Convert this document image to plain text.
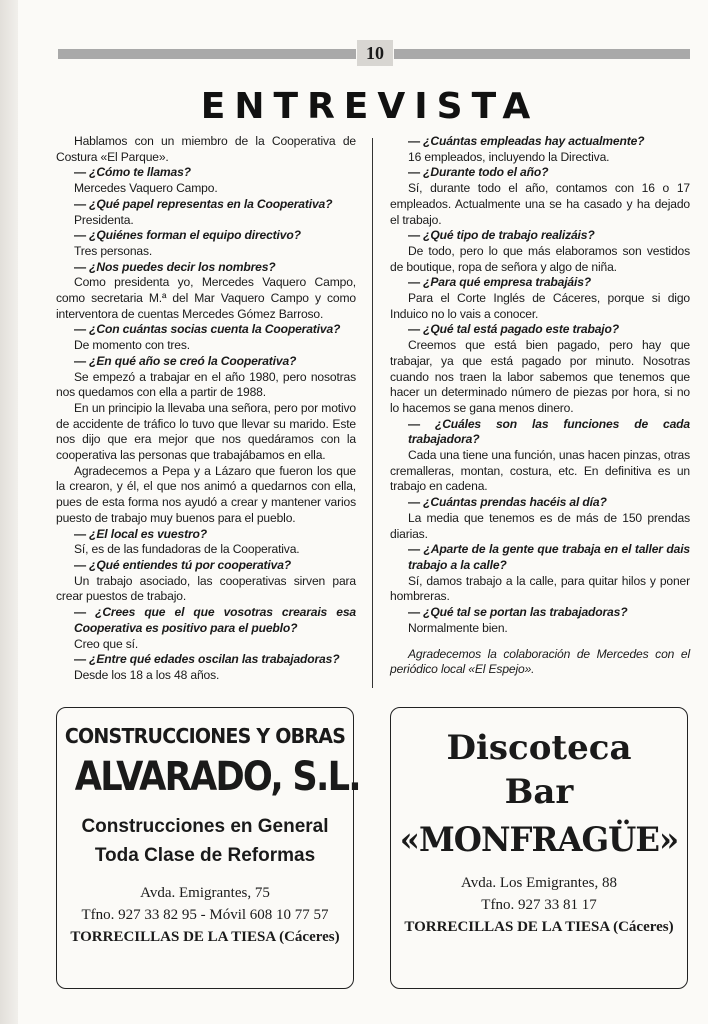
10
ENTREVISTA

Hablamos con un miembro de la Cooperativa de Costura «El Parque».

— ¿Cómo te llamas?

Mercedes Vaquero Campo.

— ¿Qué papel representas en la Cooperativa?

Presidenta.

— ¿Quiénes forman el equipo directivo?

Tres personas.

— ¿Nos puedes decir los nombres?

Como presidenta yo, Mercedes Vaquero Campo, como secretaria M.ª del Mar Vaquero Campo y como interventora de cuentas Mercedes Gómez Barroso.

— ¿Con cuántas socias cuenta la Cooperativa?

De momento con tres.

— ¿En qué año se creó la Cooperativa?

Se empezó a trabajar en el año 1980, pero nosotras nos quedamos con ella a partir de 1988.

En un principio la llevaba una señora, pero por motivo de accidente de tráfico lo tuvo que llevar su marido. Este nos dijo que era mejor que nos quedáramos con la cooperativa las personas que trabajábamos en ella.

Agradecemos a Pepa y a Lázaro que fueron los que la crearon, y él, el que nos animó a quedarnos con ella, pues de esta forma nos ayudó a crear y mantener varios puesto de trabajo muy buenos para el pueblo.

— ¿El local es vuestro?

Sí, es de las fundadoras de la Cooperativa.

— ¿Qué entiendes tú por cooperativa?

Un trabajo asociado, las cooperativas sirven para crear puestos de trabajo.

— ¿Crees que el que vosotras crearais esa Cooperativa es positivo para el pueblo?

Creo que sí.

— ¿Entre qué edades oscilan las trabajadoras?

Desde los 18 a los 48 años.

— ¿Cuántas empleadas hay actualmente?

16 empleados, incluyendo la Directiva.

— ¿Durante todo el año?

Sí, durante todo el año, contamos con 16 o 17 empleados. Actualmente una se ha casado y ha dejado el trabajo.

— ¿Qué tipo de trabajo realizáis?

De todo, pero lo que más elaboramos son vestidos de boutique, ropa de señora y algo de niña.

— ¿Para qué empresa trabajáis?

Para el Corte Inglés de Cáceres, porque si digo Induico no lo vais a conocer.

— ¿Qué tal está pagado este trabajo?

Creemos que está bien pagado, pero hay que trabajar, ya que está pagado por minuto. Nosotras cuando nos traen la labor sabemos que tenemos que hacer un determinado número de piezas por hora, si no lo hacemos se gana menos dinero.

— ¿Cuáles son las funciones de cada trabajadora?

Cada una tiene una función, unas hacen pinzas, otras cremalleras, montan, costura, etc. En definitiva es un trabajo en cadena.

— ¿Cuántas prendas hacéis al día?

La media que tenemos es de más de 150 prendas diarias.

— ¿Aparte de la gente que trabaja en el taller dais trabajo a la calle?

Sí, damos trabajo a la calle, para quitar hilos y poner hombreras.

— ¿Qué tal se portan las trabajadoras?

Normalmente bien.

Agradecemos la colaboración de Mercedes con el periódico local «El Espejo».

CONSTRUCCIONES Y OBRAS
ALVARADO, S.L.
Construcciones en General
Toda Clase de Reformas
Avda. Emigrantes, 75
Tfno. 927 33 82 95 - Móvil 608 10 77 57
TORRECILLAS DE LA TIESA (Cáceres)
Discoteca
Bar
«MONFRAGÜE»
Avda. Los Emigrantes, 88
Tfno. 927 33 81 17
TORRECILLAS DE LA TIESA (Cáceres)
